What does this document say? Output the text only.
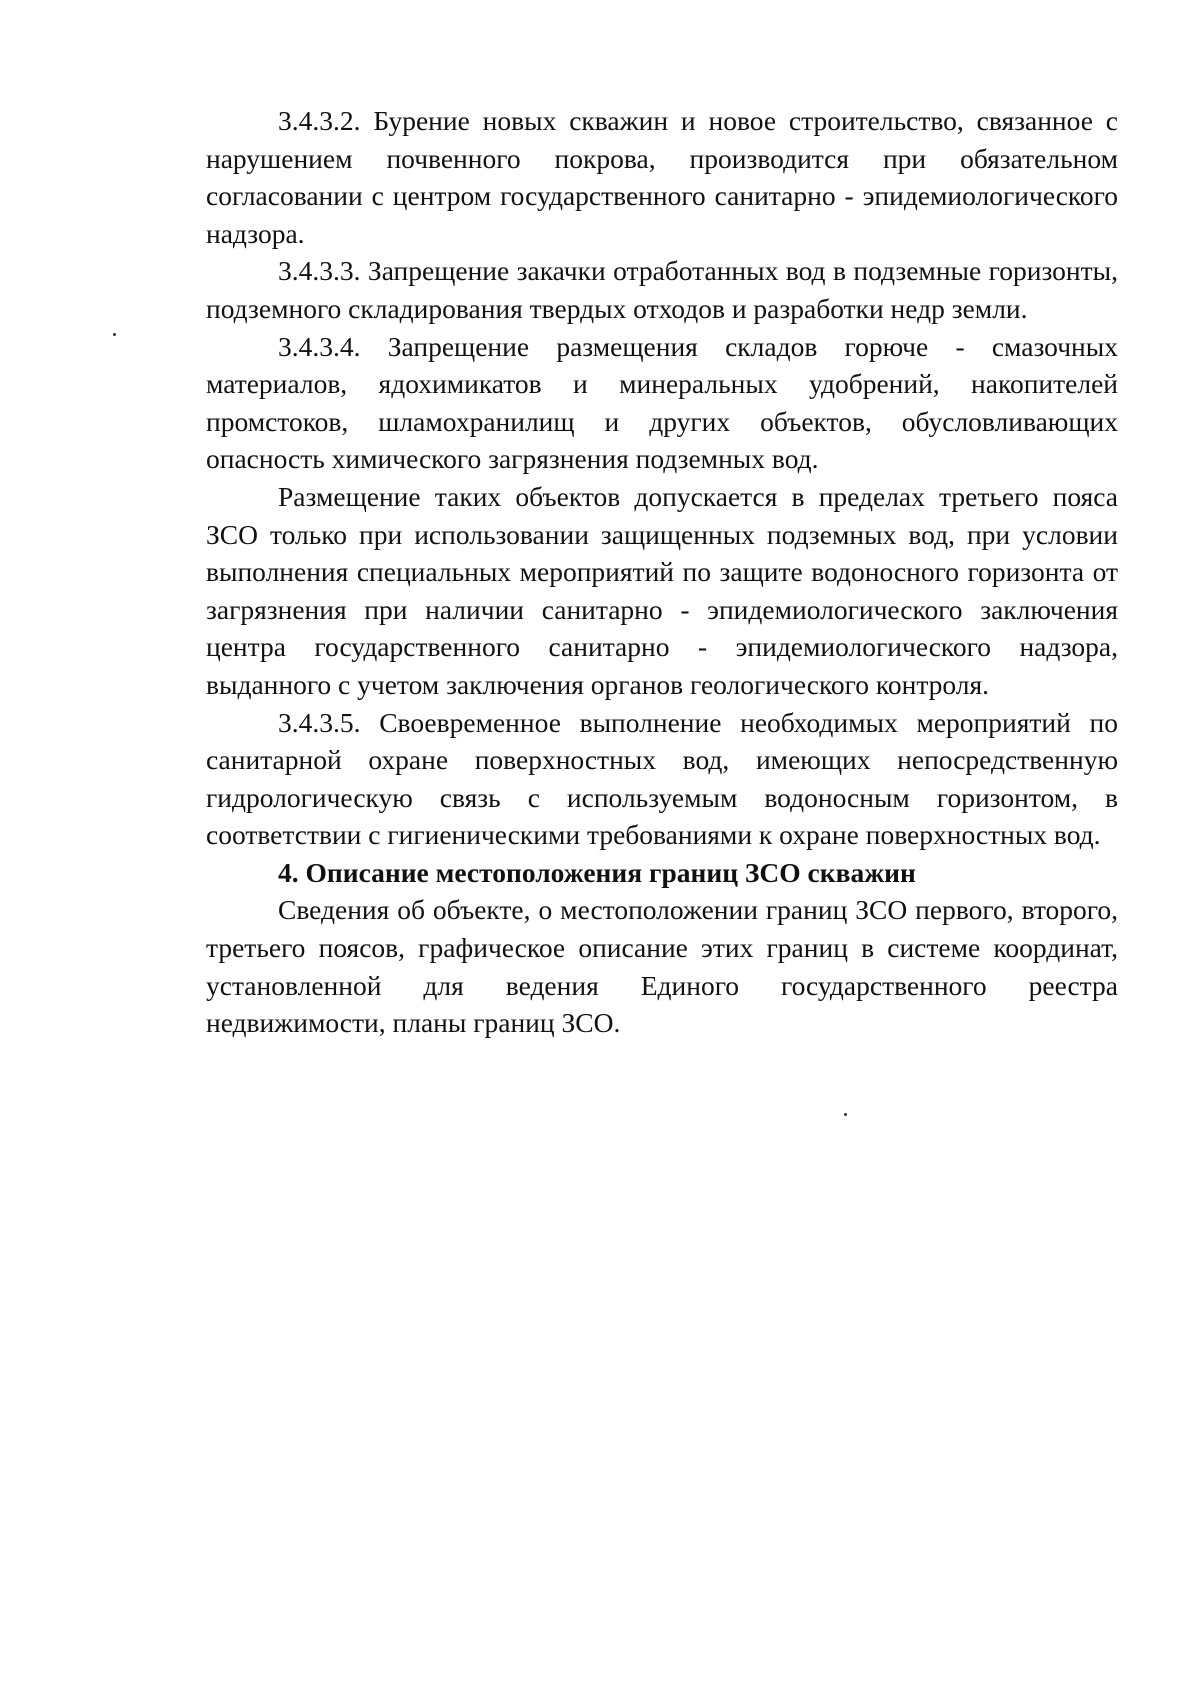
3.4.3.2. Бурение новых скважин и новое строительство, связанное с нарушением почвенного покрова, производится при обязательном согласовании с центром государственного санитарно - эпидемиологического надзора.

3.4.3.3. Запрещение закачки отработанных вод в подземные горизонты, подземного складирования твердых отходов и разработки недр земли.

3.4.3.4. Запрещение размещения складов горюче - смазочных материалов, ядохимикатов и минеральных удобрений, накопителей промстоков, шламохранилищ и других объектов, обусловливающих опасность химического загрязнения подземных вод.

Размещение таких объектов допускается в пределах третьего пояса ЗСО только при использовании защищенных подземных вод, при условии выполнения специальных мероприятий по защите водоносного горизонта от загрязнения при наличии санитарно - эпидемиологического заключения центра государственного санитарно - эпидемиологического надзора, выданного с учетом заключения органов геологического контроля.

3.4.3.5. Своевременное выполнение необходимых мероприятий по санитарной охране поверхностных вод, имеющих непосредственную гидрологическую связь с используемым водоносным горизонтом, в соответствии с гигиеническими требованиями к охране поверхностных вод.

4. Описание местоположения границ ЗСО скважин

Сведения об объекте, о местоположении границ ЗСО первого, второго, третьего поясов, графическое описание этих границ в системе координат, установленной для ведения Единого государственного реестра недвижимости, планы границ ЗСО.
